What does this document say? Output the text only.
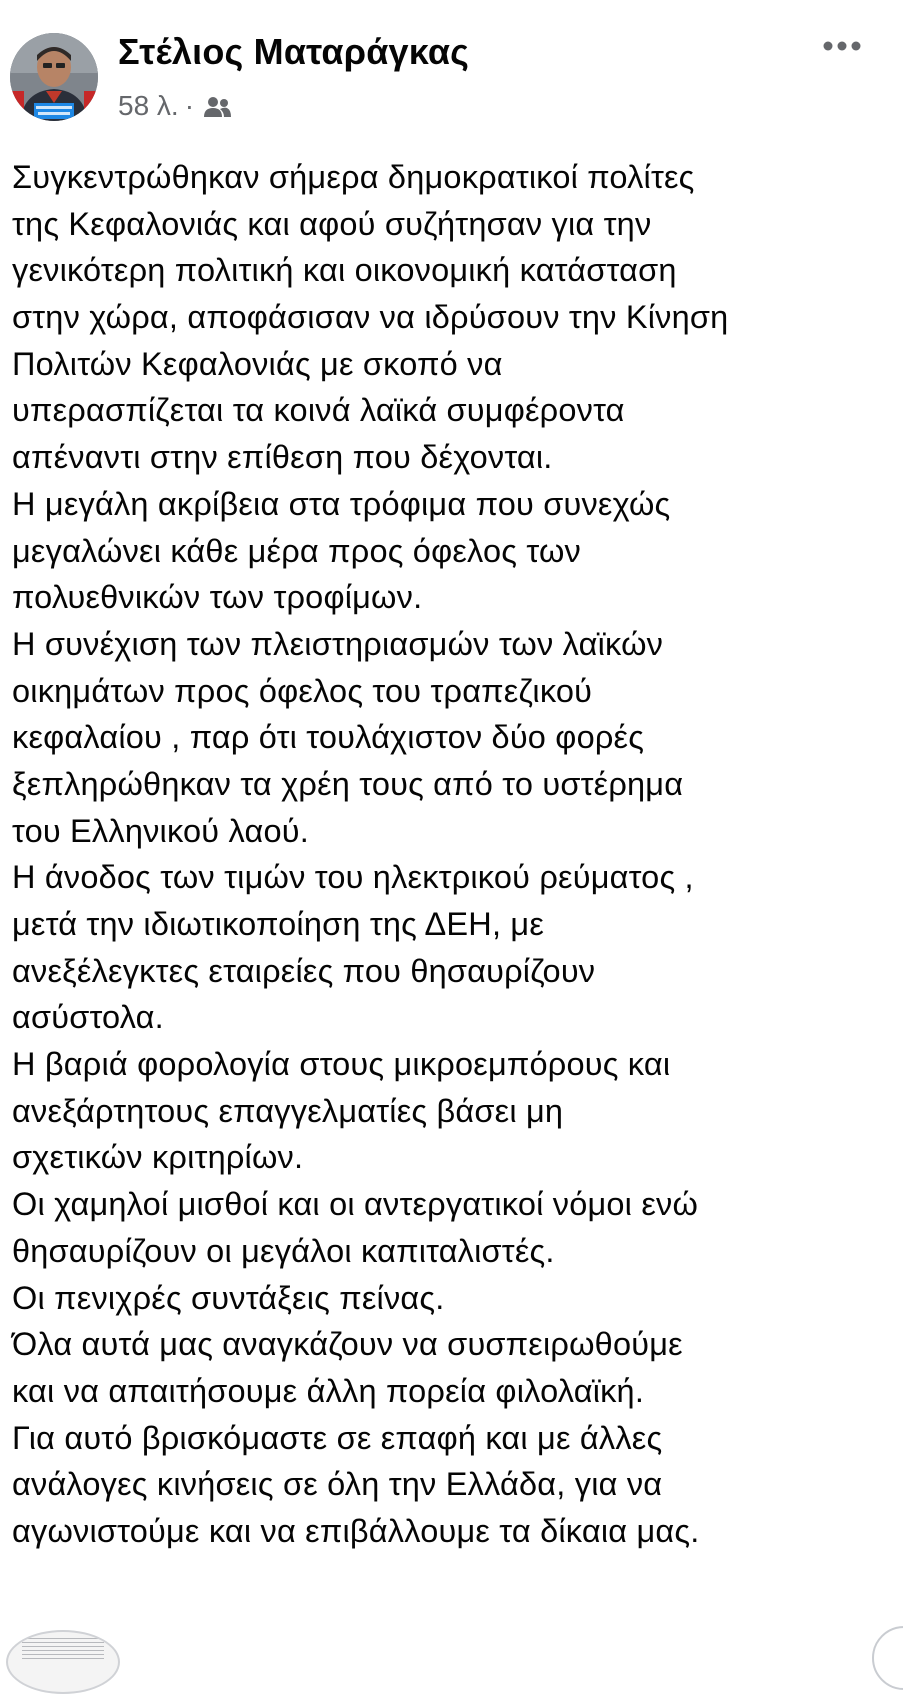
Στέλιος Ματαράγκας
58 λ. ·
Συγκεντρώθηκαν σήμερα δημοκρατικοί πολίτες
της Κεφαλονιάς και αφού συζήτησαν για την
γενικότερη πολιτική και οικονομική κατάσταση
στην χώρα, αποφάσισαν να ιδρύσουν την Κίνηση
Πολιτών Κεφαλονιάς με σκοπό να
υπερασπίζεται τα κοινά λαϊκά συμφέροντα
απέναντι στην επίθεση που δέχονται.
Η μεγάλη ακρίβεια στα τρόφιμα που συνεχώς
μεγαλώνει κάθε μέρα προς όφελος των
πολυεθνικών των τροφίμων.
Η συνέχιση των πλειστηριασμών των λαϊκών
οικημάτων προς όφελος του τραπεζικού
κεφαλαίου , παρ ότι τουλάχιστον δύο φορές
ξεπληρώθηκαν τα χρέη τους από το υστέρημα
του Ελληνικού λαού.
Η άνοδος των τιμών του ηλεκτρικού ρεύματος ,
μετά την ιδιωτικοποίηση της ΔΕΗ, με
ανεξέλεγκτες εταιρείες που θησαυρίζουν
ασύστολα.
Η βαριά φορολογία στους μικροεμπόρους και
ανεξάρτητους επαγγελματίες βάσει μη
σχετικών κριτηρίων.
Οι χαμηλοί μισθοί και οι αντεργατικοί νόμοι ενώ
θησαυρίζουν οι μεγάλοι καπιταλιστές.
Οι πενιχρές συντάξεις πείνας.
Όλα αυτά μας αναγκάζουν να συσπειρωθούμε
και να απαιτήσουμε άλλη πορεία φιλολαϊκή.
Για αυτό βρισκόμαστε σε επαφή και με άλλες
ανάλογες κινήσεις σε όλη την Ελλάδα, για να
αγωνιστούμε και να επιβάλλουμε τα δίκαια μας.
